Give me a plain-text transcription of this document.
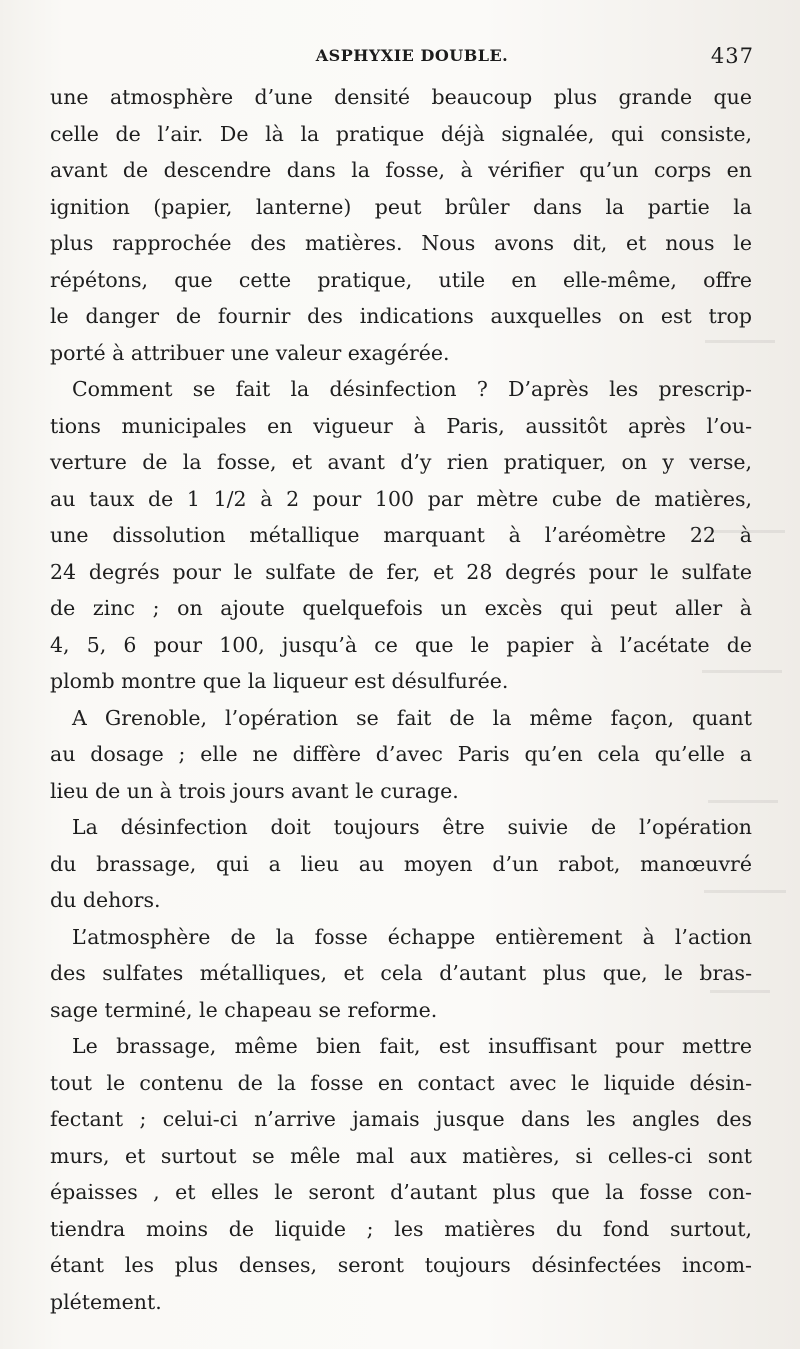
ASPHYXIE DOUBLE.	437

une atmosphère d’une densité beaucoup plus grande que
celle de l’air. De là la pratique déjà signalée, qui consiste,
avant de descendre dans la fosse, à vérifier qu’un corps en
ignition (papier, lanterne) peut brûler dans la partie la
plus rapprochée des matières. Nous avons dit, et nous le
répétons, que cette pratique, utile en elle-même, offre
le danger de fournir des indications auxquelles on est trop
porté à attribuer une valeur exagérée.

Comment se fait la désinfection ? D’après les prescrip-
tions municipales en vigueur à Paris, aussitôt après l’ou-
verture de la fosse, et avant d’y rien pratiquer, on y verse,
au taux de 1 1/2 à 2 pour 100 par mètre cube de matières,
une dissolution métallique marquant à l’aréomètre 22 à
24 degrés pour le sulfate de fer, et 28 degrés pour le sulfate
de zinc ; on ajoute quelquefois un excès qui peut aller à
4, 5, 6 pour 100, jusqu’à ce que le papier à l’acétate de
plomb montre que la liqueur est désulfurée.

A Grenoble, l’opération se fait de la même façon, quant
au dosage ; elle ne diffère d’avec Paris qu’en cela qu’elle a
lieu de un à trois jours avant le curage.

La désinfection doit toujours être suivie de l’opération
du brassage, qui a lieu au moyen d’un rabot, manœuvré
du dehors.

L’atmosphère de la fosse échappe entièrement à l’action
des sulfates métalliques, et cela d’autant plus que, le bras-
sage terminé, le chapeau se reforme.

Le brassage, même bien fait, est insuffisant pour mettre
tout le contenu de la fosse en contact avec le liquide désin-
fectant ; celui-ci n’arrive jamais jusque dans les angles des
murs, et surtout se mêle mal aux matières, si celles-ci sont
épaisses , et elles le seront d’autant plus que la fosse con-
tiendra moins de liquide ; les matières du fond surtout,
étant les plus denses, seront toujours désinfectées incom-
plétement.
